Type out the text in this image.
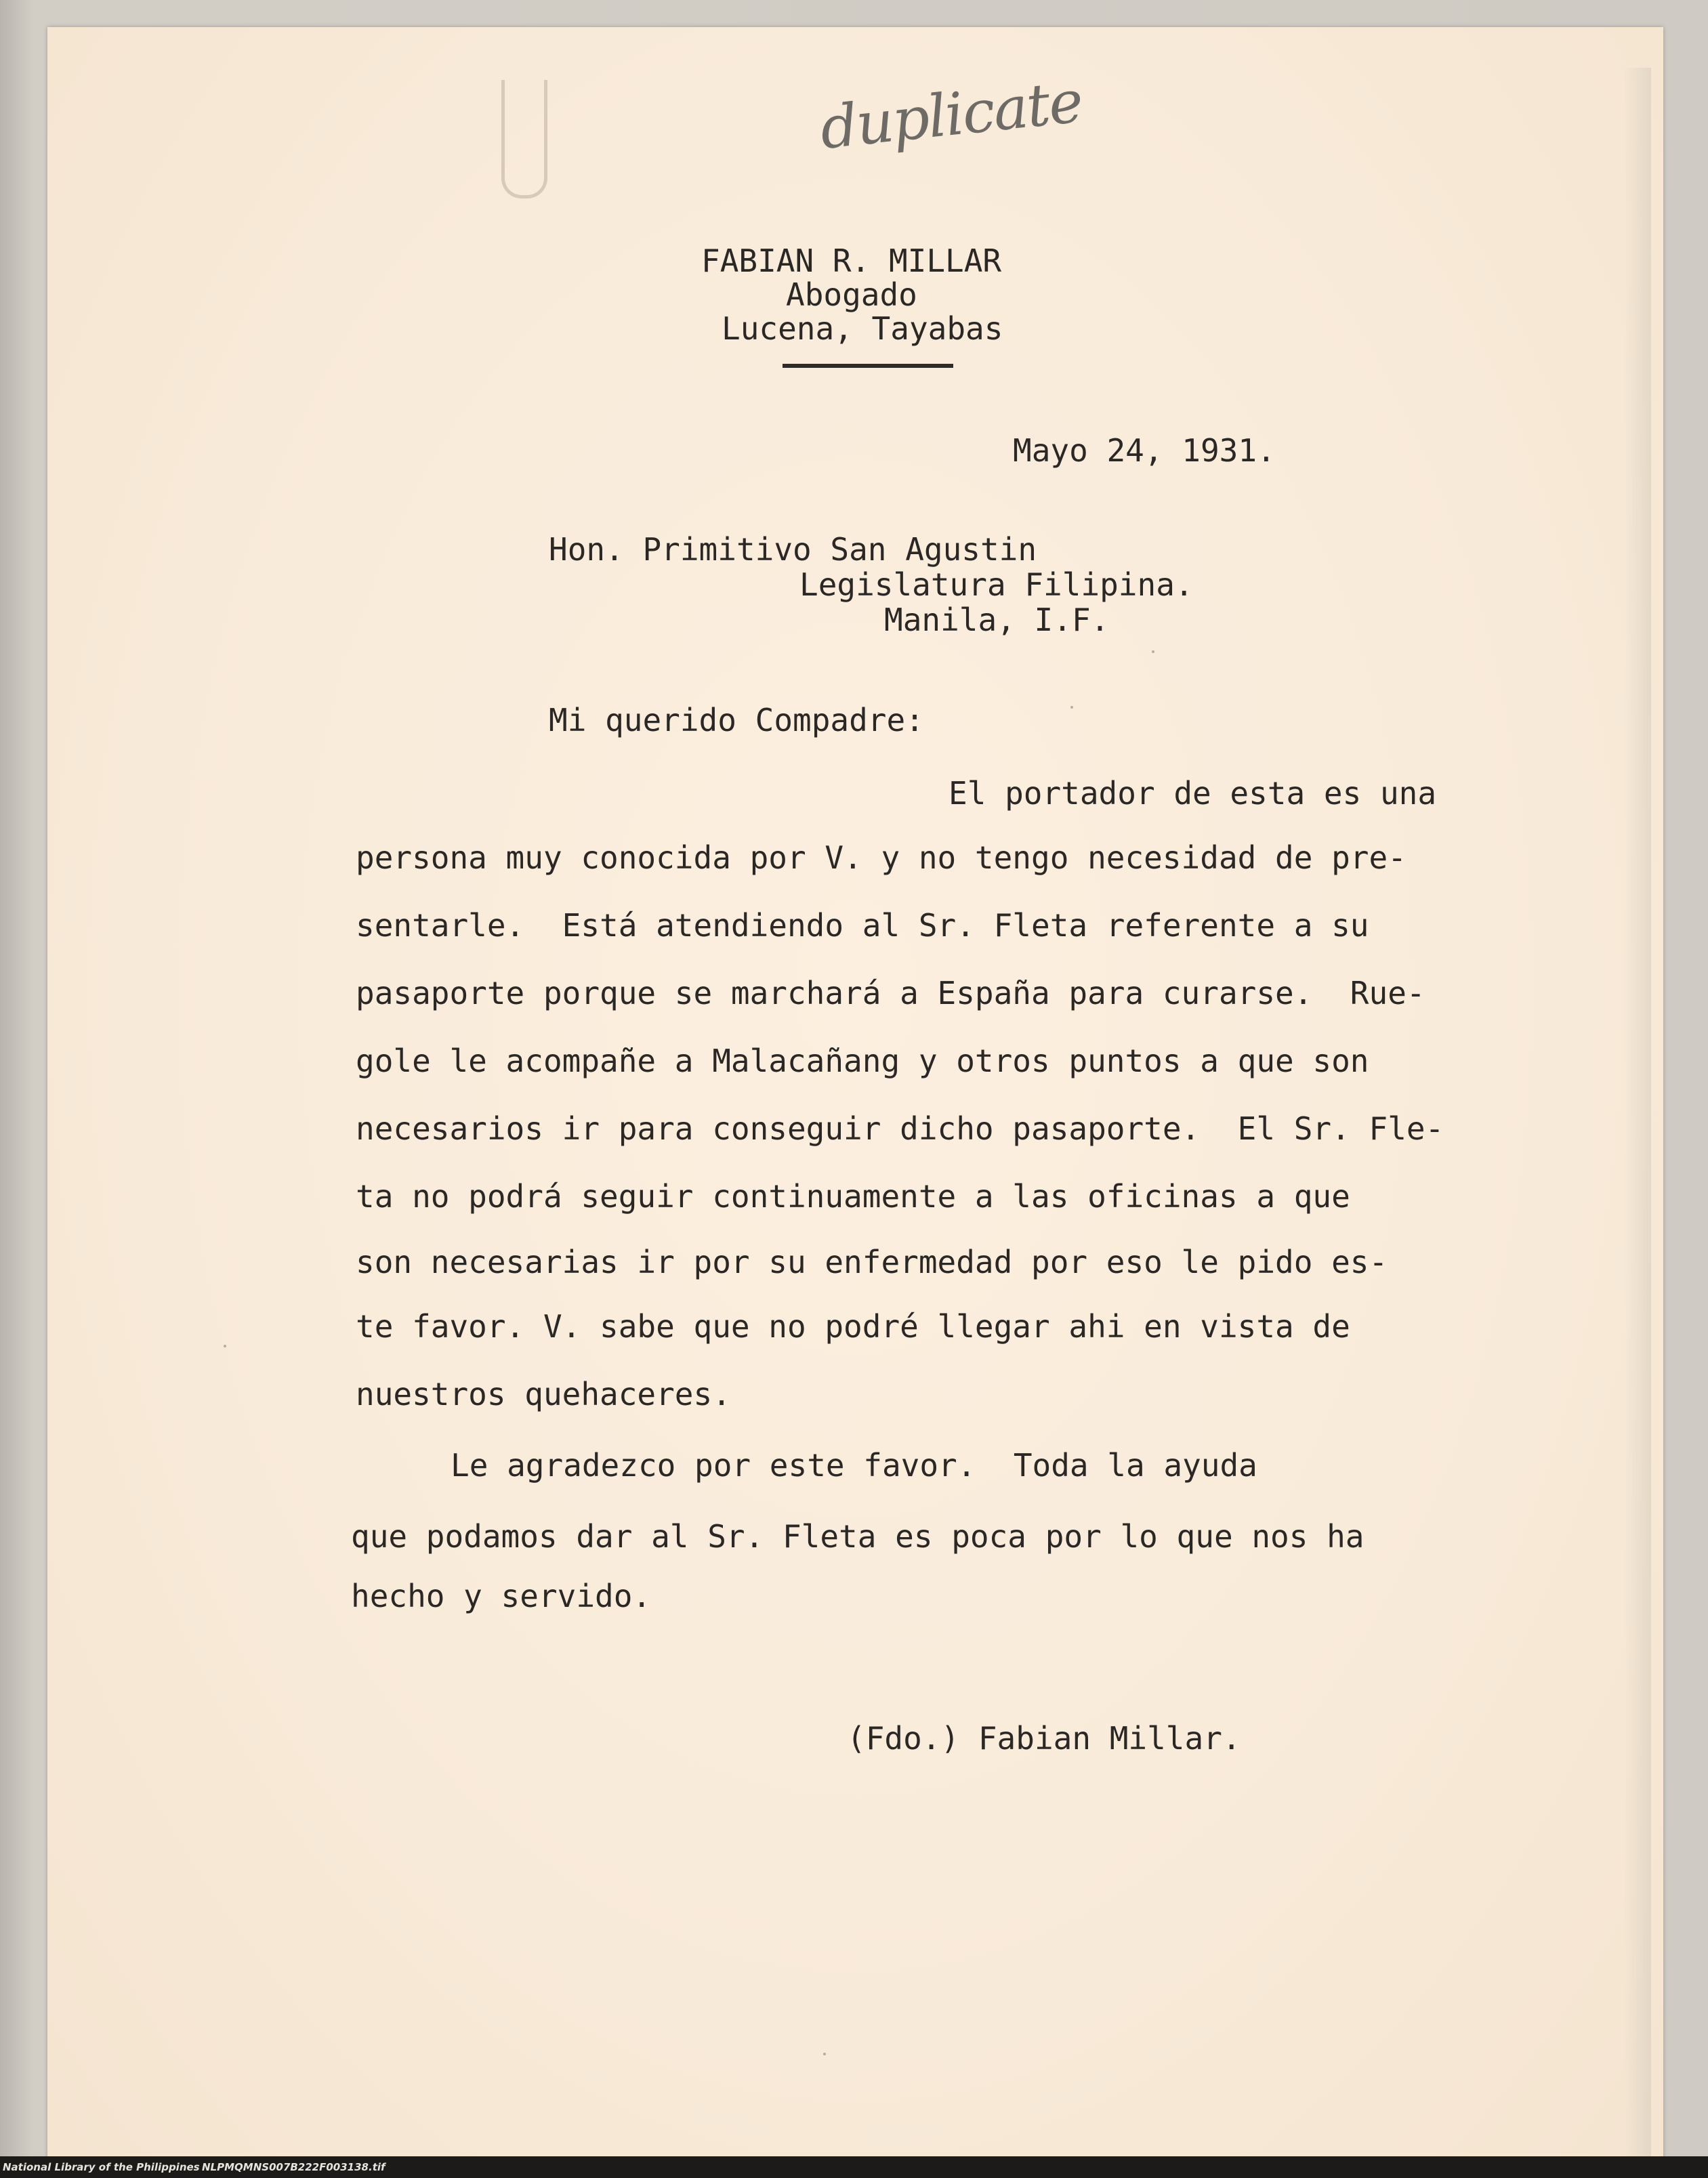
duplicate
FABIAN R. MILLAR
Abogado
Lucena, Tayabas
Mayo 24, 1931.
Hon. Primitivo San Agustin
Legislatura Filipina.
Manila, I.F.
Mi querido Compadre:
El portador de esta es una
persona muy conocida por V. y no tengo necesidad de pre-
sentarle.  Está atendiendo al Sr. Fleta referente a su
pasaporte porque se marchará a España para curarse.  Rue-
gole le acompañe a Malacañang y otros puntos a que son
necesarios ir para conseguir dicho pasaporte.  El Sr. Fle-
ta no podrá seguir continuamente a las oficinas a que
son necesarias ir por su enfermedad por eso le pido es-
te favor. V. sabe que no podré llegar ahi en vista de
nuestros quehaceres.
Le agradezco por este favor.  Toda la ayuda
que podamos dar al Sr. Fleta es poca por lo que nos ha
hecho y servido.
(Fdo.) Fabian Millar.
National Library of the Philippines NLPMQMNS007B222F003138.tif
